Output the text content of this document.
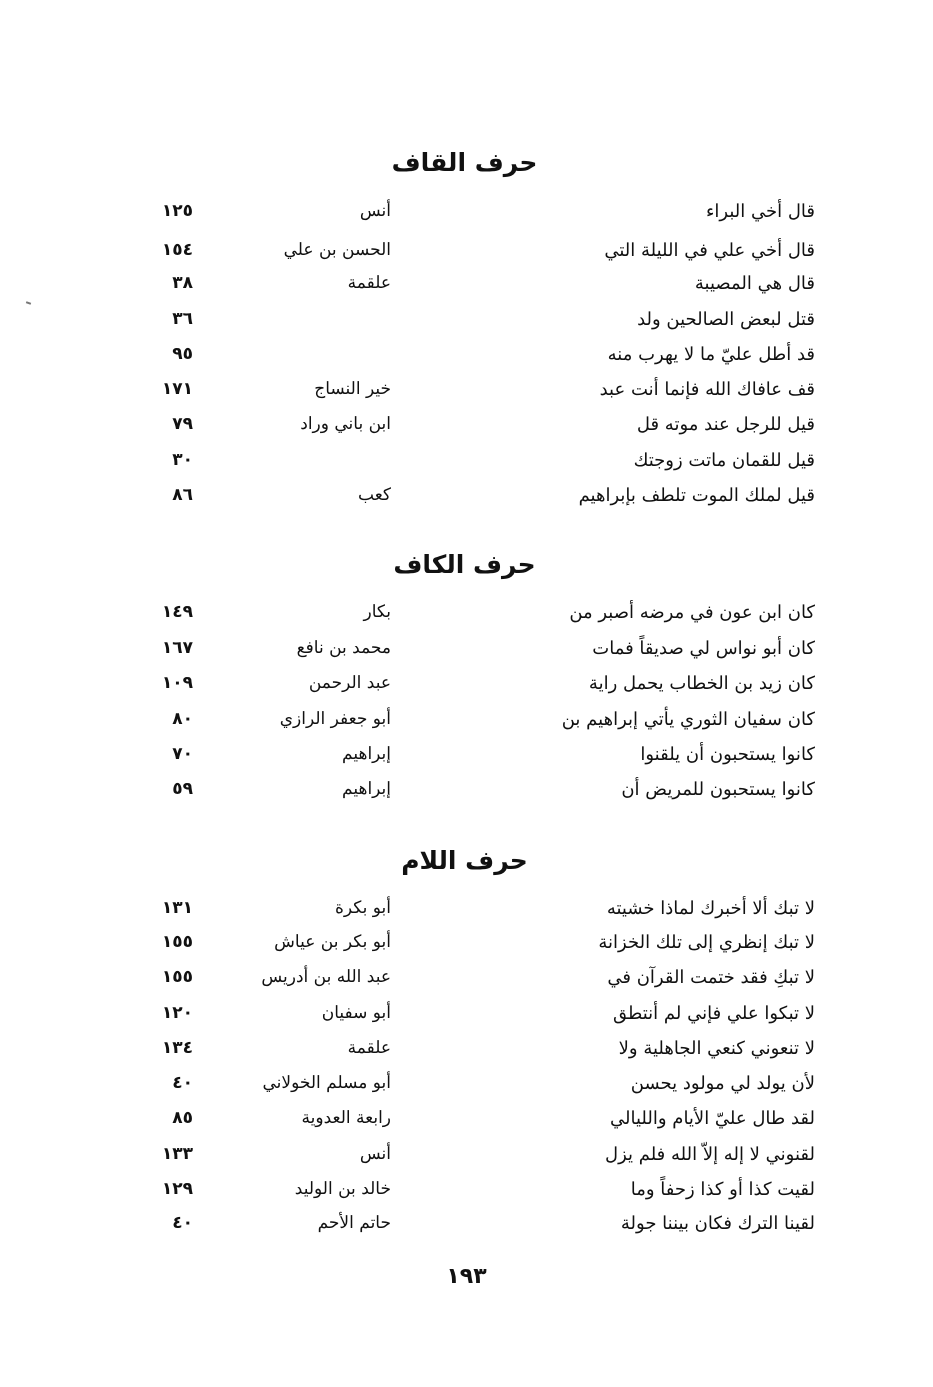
حرف القاف
قال أخي البراء
أنس
١٢٥
قال أخي علي في الليلة التي
الحسن بن علي
١٥٤
قال هي المصيبة
علقمة
٣٨
قتل لبعض الصالحين ولد
٣٦
قد أطل عليّ ما لا يهرب منه
٩٥
قف عافاك الله فإنما أنت عبد
خير النساج
١٧١
قيل للرجل عند موته قل
ابن باني وراد
٧٩
قيل للقمان ماتت زوجتك
٣٠
قيل لملك الموت تلطف بإبراهيم
كعب
٨٦
حرف الكاف
كان ابن عون في مرضه أصبر من
بكار
١٤٩
كان أبو نواس لي صديقاً فمات
محمد بن نافع
١٦٧
كان زيد بن الخطاب يحمل راية
عبد الرحمن
١٠٩
كان سفيان الثوري يأتي إبراهيم بن
أبو جعفر الرازي
٨٠
كانوا يستحبون أن يلقنوا
إبراهيم
٧٠
كانوا يستحبون للمريض أن
إبراهيم
٥٩
حرف اللام
لا تبك ألا أخبرك لماذا خشيته
أبو بكرة
١٣١
لا تبك إنظري إلى تلك الخزانة
أبو بكر بن عياش
١٥٥
لا تبكِ فقد ختمت القرآن في
عبد الله بن أدريس
١٥٥
لا تبكوا علي فإني لم أنتطق
أبو سفيان
١٢٠
لا تنعوني كنعي الجاهلية ولا
علقمة
١٣٤
لأن يولد لي مولود يحسن
أبو مسلم الخولاني
٤٠
لقد طال عليّ الأيام والليالي
رابعة العدوية
٨٥
لقنوني لا إله إلاّ الله فلم يزل
أنس
١٣٣
لقيت كذا أو كذا زحفاً وما
خالد بن الوليد
١٢٩
لقينا الترك فكان بيننا جولة
حاتم الأحم
٤٠
١٩٣
